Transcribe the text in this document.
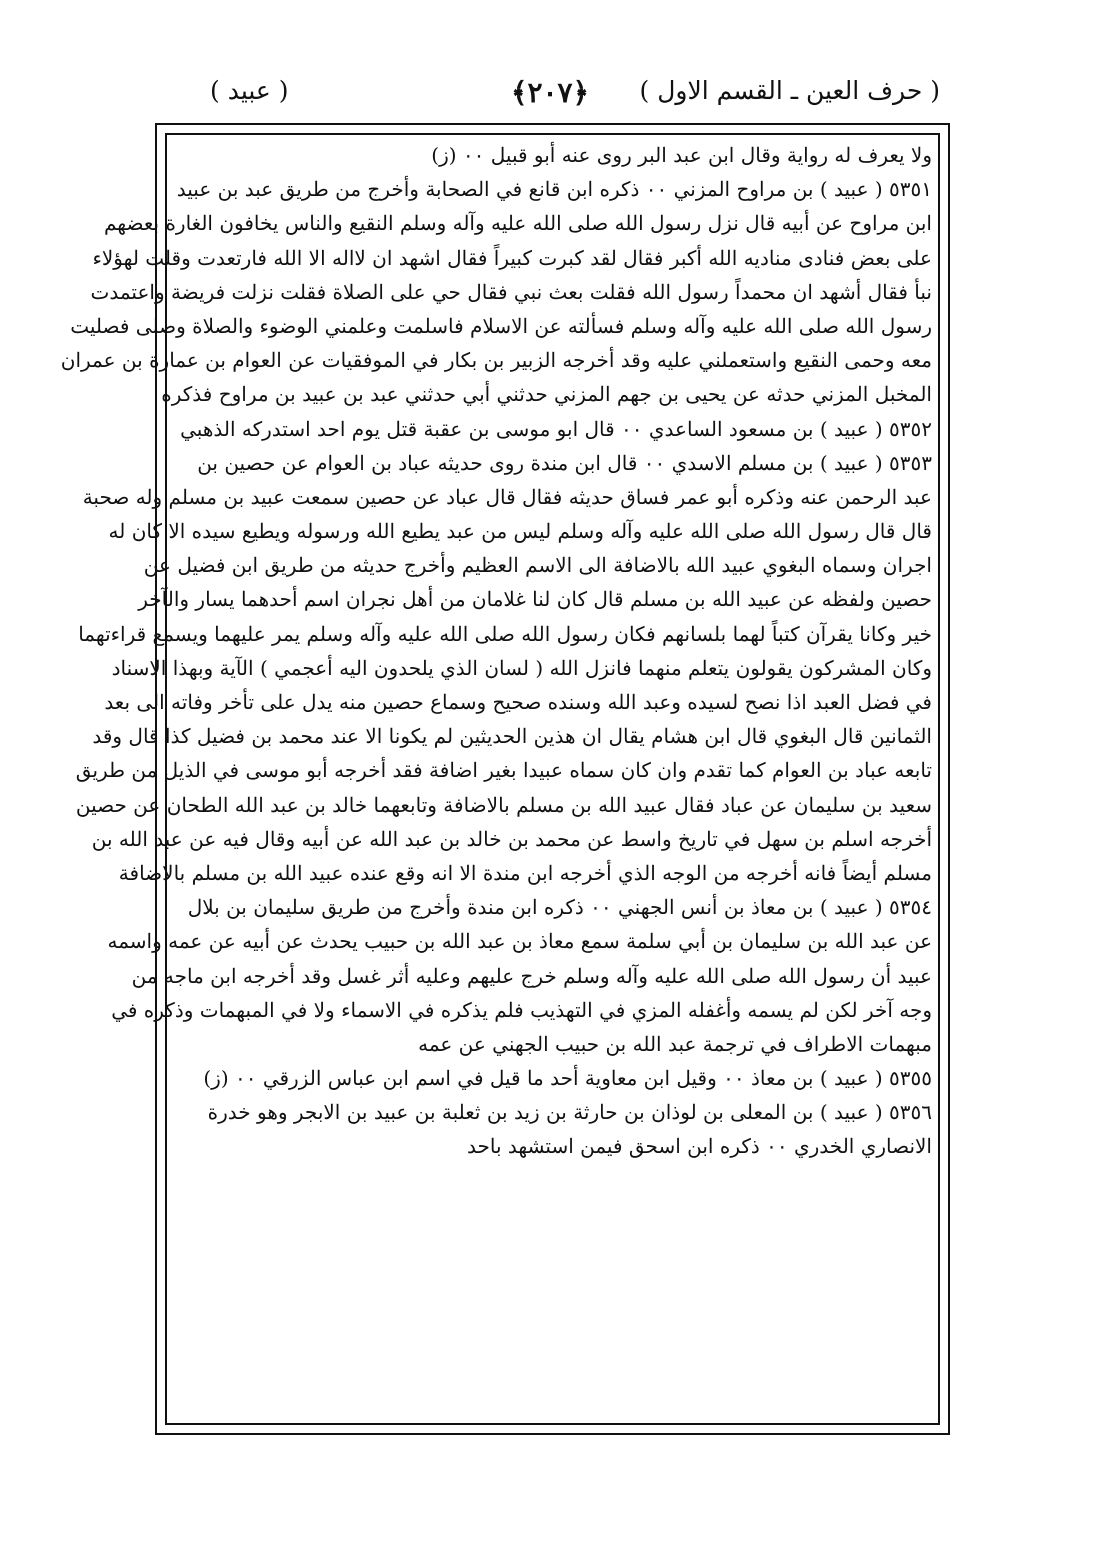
( حرف العين ـ القسم الاول )
﴿٢٠٧﴾
( عبيد )
ولا يعرف له رواية وقال ابن عبد البر روى عنه أبو قبيل ٠٠ (ز)
٥٣٥١ ( عبيد ) بن مراوح المزني ٠٠ ذكره ابن قانع في الصحابة وأخرج من طريق عبد بن عبيد
ابن مراوح عن أبيه قال نزل رسول الله صلى الله عليه وآله وسلم النقيع والناس يخافون الغارة بعضهم
على بعض فنادى مناديه الله أكبر فقال لقد كبرت كبيراً فقال اشهد ان لااله الا الله فارتعدت وقلت لهؤلاء
نبأ فقال أشهد ان محمداً رسول الله فقلت بعث نبي فقال حي على الصلاة فقلت نزلت فريضة واعتمدت
رسول الله صلى الله عليه وآله وسلم فسألته عن الاسلام فاسلمت وعلمني الوضوء والصلاة وصلى فصليت
معه وحمى النقيع واستعملني عليه وقد أخرجه الزبير بن بكار في الموفقيات عن العوام بن عمارة بن عمران
المخبل المزني حدثه عن يحيى بن جهم المزني حدثني أبي حدثني عبد بن عبيد بن مراوح فذكره
٥٣٥٢ ( عبيد ) بن مسعود الساعدي ٠٠ قال ابو موسى بن عقبة قتل يوم احد استدركه الذهبي
٥٣٥٣ ( عبيد ) بن مسلم الاسدي ٠٠ قال ابن مندة روى حديثه عباد بن العوام عن حصين بن
عبد الرحمن عنه وذكره أبو عمر فساق حديثه فقال قال عباد عن حصين سمعت عبيد بن مسلم وله صحبة
قال قال رسول الله صلى الله عليه وآله وسلم ليس من عبد يطيع الله ورسوله ويطيع سيده الا كان له
اجران وسماه البغوي عبيد الله بالاضافة الى الاسم العظيم وأخرج حديثه من طريق ابن فضيل عن
حصين ولفظه عن عبيد الله بن مسلم قال كان لنا غلامان من أهل نجران اسم أحدهما يسار والآخر
خير وكانا يقرآن كتباً لهما بلسانهم فكان رسول الله صلى الله عليه وآله وسلم يمر عليهما ويسمع قراءتهما
وكان المشركون يقولون يتعلم منهما فانزل الله ( لسان الذي يلحدون اليه أعجمي ) الآية وبهذا الاسناد
في فضل العبد اذا نصح لسيده وعبد الله وسنده صحيح وسماع حصين منه يدل على تأخر وفاته الى بعد
الثمانين قال البغوي قال ابن هشام يقال ان هذين الحديثين لم يكونا الا عند محمد بن فضيل كذا قال وقد
تابعه عباد بن العوام كما تقدم وان كان سماه عبيدا بغير اضافة فقد أخرجه أبو موسى في الذيل من طريق
سعيد بن سليمان عن عباد فقال عبيد الله بن مسلم بالاضافة وتابعهما خالد بن عبد الله الطحان عن حصين
أخرجه اسلم بن سهل في تاريخ واسط عن محمد بن خالد بن عبد الله عن أبيه وقال فيه عن عبد الله بن
مسلم أيضاً فانه أخرجه من الوجه الذي أخرجه ابن مندة الا انه وقع عنده عبيد الله بن مسلم بالاضافة
٥٣٥٤ ( عبيد ) بن معاذ بن أنس الجهني ٠٠ ذكره ابن مندة وأخرج من طريق سليمان بن بلال
عن عبد الله بن سليمان بن أبي سلمة سمع معاذ بن عبد الله بن حبيب يحدث عن أبيه عن عمه واسمه
عبيد أن رسول الله صلى الله عليه وآله وسلم خرج عليهم وعليه أثر غسل وقد أخرجه ابن ماجه من
وجه آخر لكن لم يسمه وأغفله المزي في التهذيب فلم يذكره في الاسماء ولا في المبهمات وذكره في
مبهمات الاطراف في ترجمة عبد الله بن حبيب الجهني عن عمه
٥٣٥٥ ( عبيد ) بن معاذ ٠٠ وقيل ابن معاوية أحد ما قيل في اسم ابن عباس الزرقي ٠٠ (ز)
٥٣٥٦ ( عبيد ) بن المعلى بن لوذان بن حارثة بن زيد بن ثعلبة بن عبيد بن الابجر وهو خدرة
الانصاري الخدري ٠٠ ذكره ابن اسحق فيمن استشهد باحد
